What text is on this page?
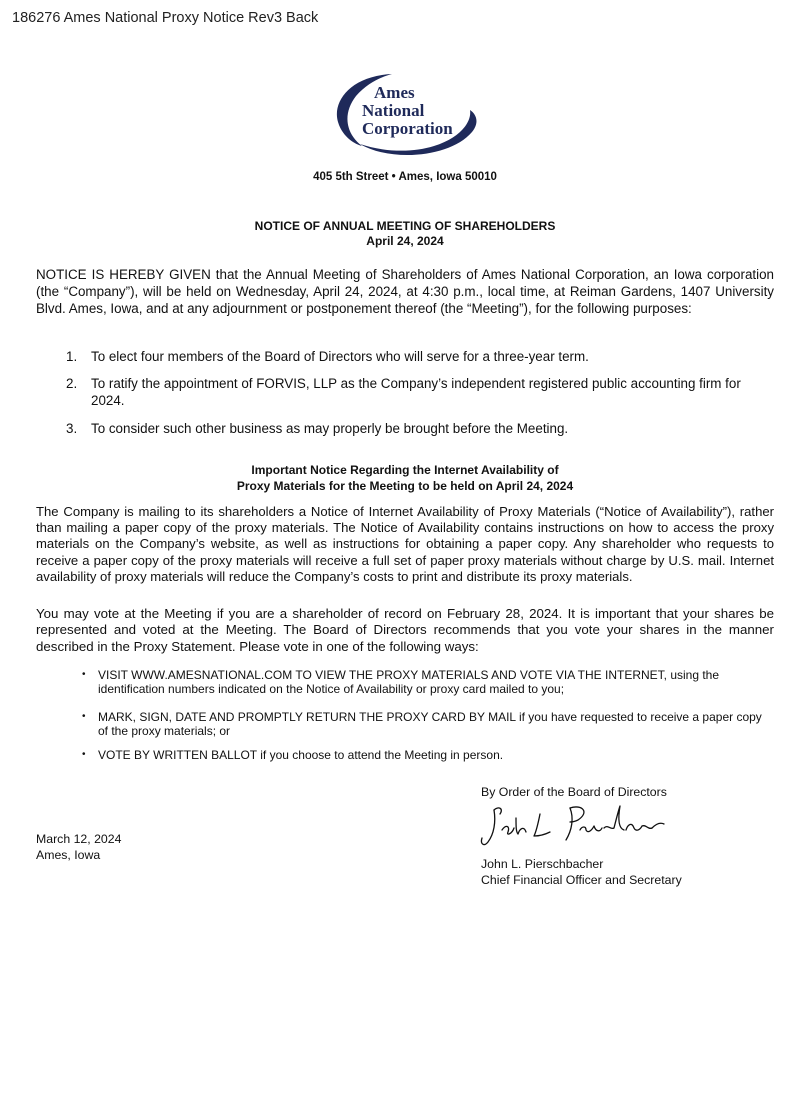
186276 Ames National Proxy Notice Rev3 Back
Ames
National
Corporation
405 5th Street • Ames, Iowa 50010
NOTICE OF ANNUAL MEETING OF SHAREHOLDERS
April 24, 2024
NOTICE IS HEREBY GIVEN that the Annual Meeting of Shareholders of Ames National Corporation, an Iowa corporation (the “Company”), will be held on Wednesday, April 24, 2024, at 4:30 p.m., local time, at Reiman Gardens, 1407 University Blvd. Ames, Iowa, and at any adjournment or postponement thereof (the “Meeting”), for the following purposes:
1. To elect four members of the Board of Directors who will serve for a three-year term.
2. To ratify the appointment of FORVIS, LLP as the Company’s independent registered public accounting firm for 2024.
3. To consider such other business as may properly be brought before the Meeting.
Important Notice Regarding the Internet Availability of
Proxy Materials for the Meeting to be held on April 24, 2024
The Company is mailing to its shareholders a Notice of Internet Availability of Proxy Materials (“Notice of Availability”), rather than mailing a paper copy of the proxy materials. The Notice of Availability contains instructions on how to access the proxy materials on the Company’s website, as well as instructions for obtaining a paper copy. Any shareholder who requests to receive a paper copy of the proxy materials will receive a full set of paper proxy materials without charge by U.S. mail. Internet availability of proxy materials will reduce the Company’s costs to print and distribute its proxy materials.
You may vote at the Meeting if you are a shareholder of record on February 28, 2024. It is important that your shares be represented and voted at the Meeting. The Board of Directors recommends that you vote your shares in the manner described in the Proxy Statement. Please vote in one of the following ways:
• VISIT WWW.AMESNATIONAL.COM TO VIEW THE PROXY MATERIALS AND VOTE VIA THE INTERNET, using the identification numbers indicated on the Notice of Availability or proxy card mailed to you;
• MARK, SIGN, DATE AND PROMPTLY RETURN THE PROXY CARD BY MAIL if you have requested to receive a paper copy of the proxy materials; or
• VOTE BY WRITTEN BALLOT if you choose to attend the Meeting in person.
By Order of the Board of Directors
John L. Pierschbacher
Chief Financial Officer and Secretary
March 12, 2024
Ames, Iowa
